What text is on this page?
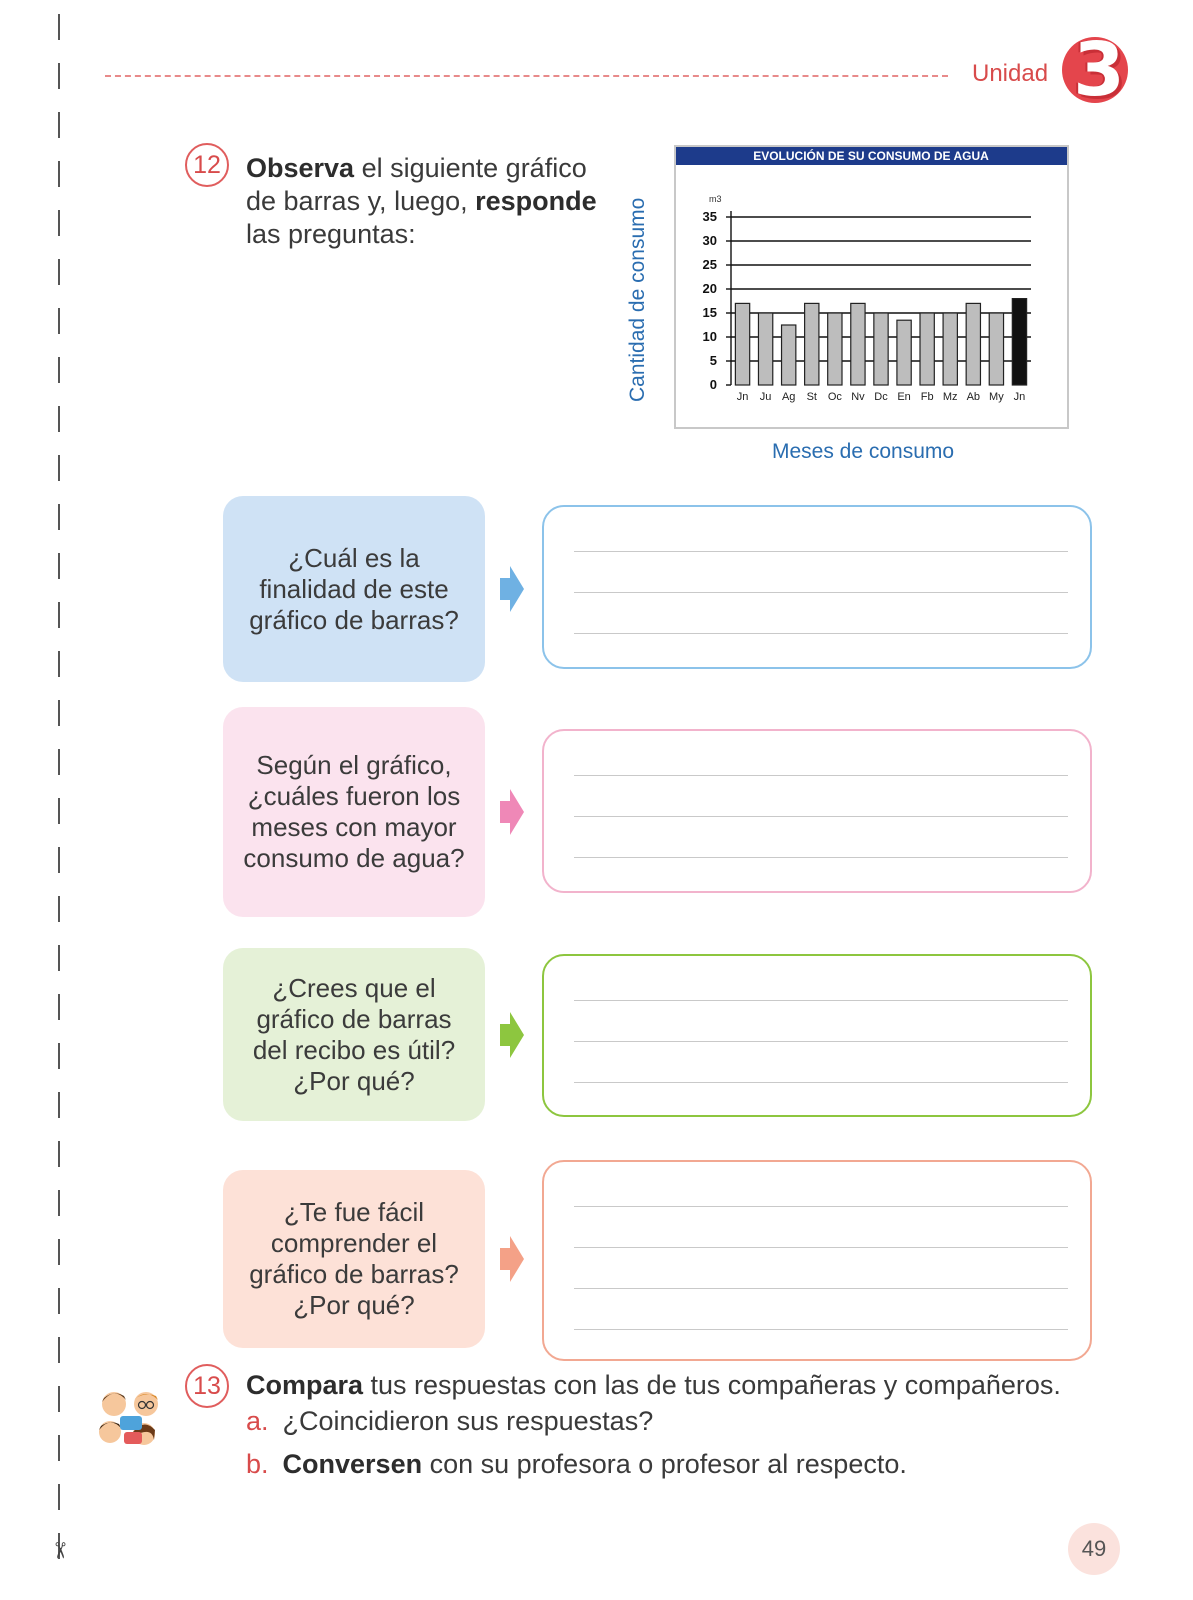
✂
Unidad 3
12 Observa el siguiente gráfico de barras y, luego, responde las preguntas:	Cantidad de consumo
EVOLUCIÓN DE SU CONSUMO DE AGUA
m3
0
5
10
15
20
25
30
35
Jn Ju Ag St Oc Nv Dc En Fb Mz Ab My Jn
Meses de consumo
¿Cuál es la finalidad de este gráfico de barras?
Según el gráfico, ¿cuáles fueron los meses con mayor consumo de agua?
¿Crees que el gráfico de barras del recibo es útil? ¿Por qué?
¿Te fue fácil comprender el gráfico de barras? ¿Por qué?
13 Compara tus respuestas con las de tus compañeras y compañeros.
a. ¿Coincidieron sus respuestas?
b. Conversen con su profesora o profesor al respecto.
49
